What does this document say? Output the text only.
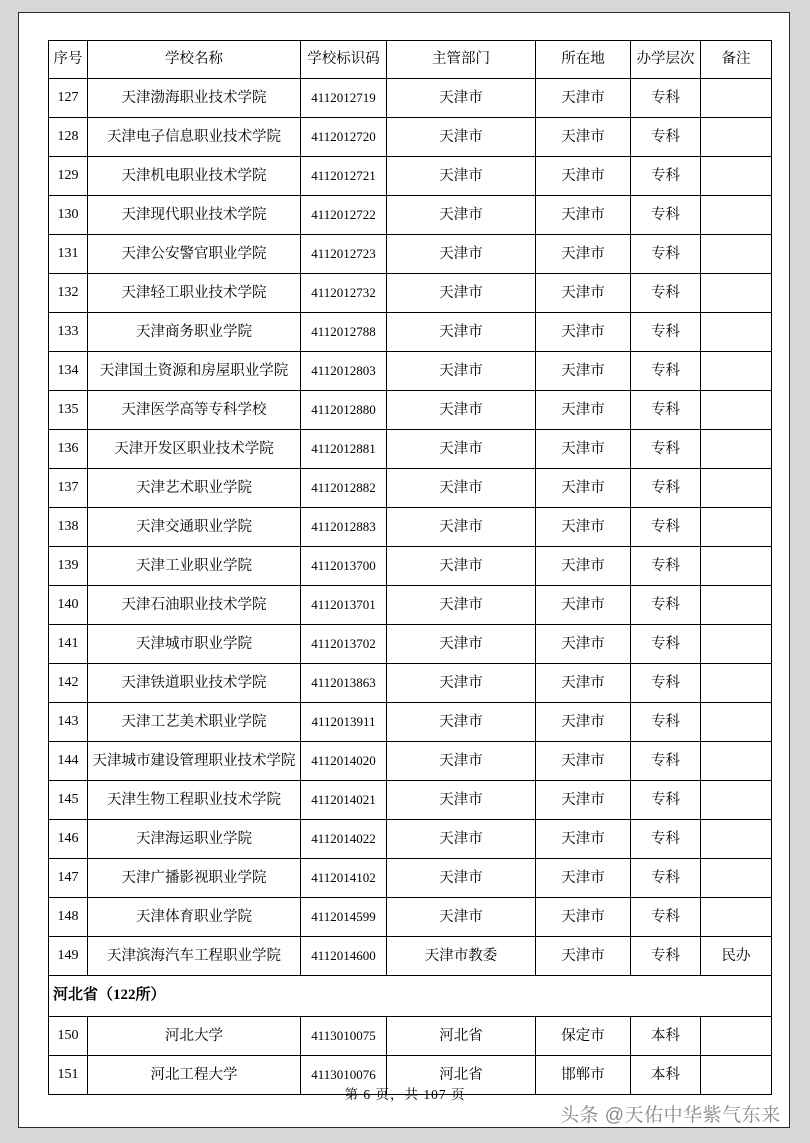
序号	学校名称	学校标识码	主管部门	所在地	办学层次	备注
127	天津渤海职业技术学院	4112012719	天津市	天津市	专科	
128	天津电子信息职业技术学院	4112012720	天津市	天津市	专科	
129	天津机电职业技术学院	4112012721	天津市	天津市	专科	
130	天津现代职业技术学院	4112012722	天津市	天津市	专科	
131	天津公安警官职业学院	4112012723	天津市	天津市	专科	
132	天津轻工职业技术学院	4112012732	天津市	天津市	专科	
133	天津商务职业学院	4112012788	天津市	天津市	专科	
134	天津国土资源和房屋职业学院	4112012803	天津市	天津市	专科	
135	天津医学高等专科学校	4112012880	天津市	天津市	专科	
136	天津开发区职业技术学院	4112012881	天津市	天津市	专科	
137	天津艺术职业学院	4112012882	天津市	天津市	专科	
138	天津交通职业学院	4112012883	天津市	天津市	专科	
139	天津工业职业学院	4112013700	天津市	天津市	专科	
140	天津石油职业技术学院	4112013701	天津市	天津市	专科	
141	天津城市职业学院	4112013702	天津市	天津市	专科	
142	天津铁道职业技术学院	4112013863	天津市	天津市	专科	
143	天津工艺美术职业学院	4112013911	天津市	天津市	专科	
144	天津城市建设管理职业技术学院	4112014020	天津市	天津市	专科	
145	天津生物工程职业技术学院	4112014021	天津市	天津市	专科	
146	天津海运职业学院	4112014022	天津市	天津市	专科	
147	天津广播影视职业学院	4112014102	天津市	天津市	专科	
148	天津体育职业学院	4112014599	天津市	天津市	专科	
149	天津滨海汽车工程职业学院	4112014600	天津市教委	天津市	专科	民办
河北省（122所）						
150	河北大学	4113010075	河北省	保定市	本科	
151	河北工程大学	4113010076	河北省	邯郸市	本科	
第 6 页，共 107 页
头条 @天佑中华紫气东来
